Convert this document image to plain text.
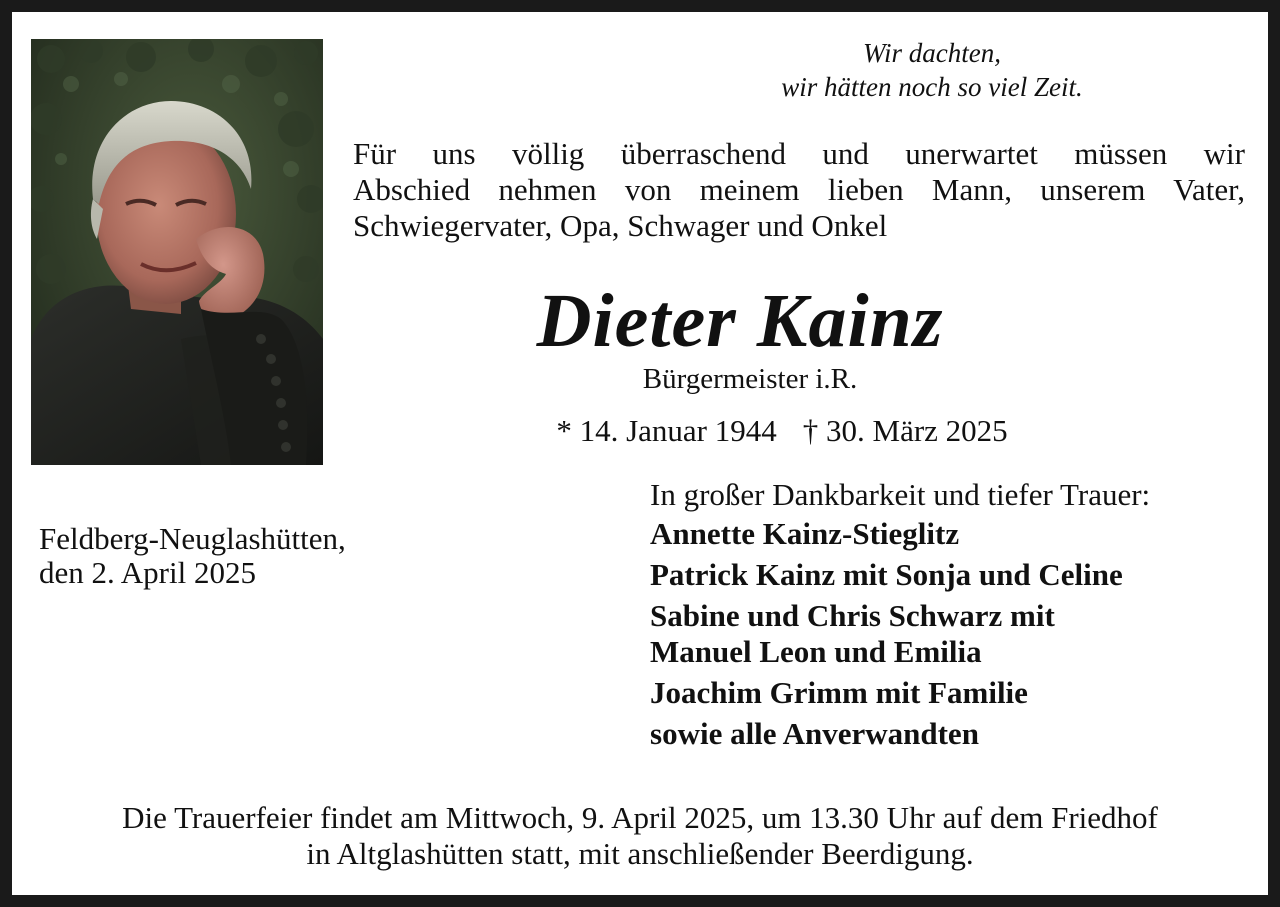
Wir dachten,
wir hätten noch so viel Zeit.
Für uns völlig überraschend und unerwartet müssen wir
Abschied nehmen von meinem lieben Mann, unserem Vater,
Schwiegervater, Opa, Schwager und Onkel
Dieter Kainz
Bürgermeister i.R.
* 14. Januar 1944 † 30. März 2025
Feldberg-Neuglashütten,
den 2. April 2025
In großer Dankbarkeit und tiefer Trauer:
Annette Kainz-Stieglitz
Patrick Kainz mit Sonja und Celine
Sabine und Chris Schwarz mit
Manuel Leon und Emilia
Joachim Grimm mit Familie
sowie alle Anverwandten
Die Trauerfeier findet am Mittwoch, 9. April 2025, um 13.30 Uhr auf dem Friedhof
in Altglashütten statt, mit anschließender Beerdigung.
